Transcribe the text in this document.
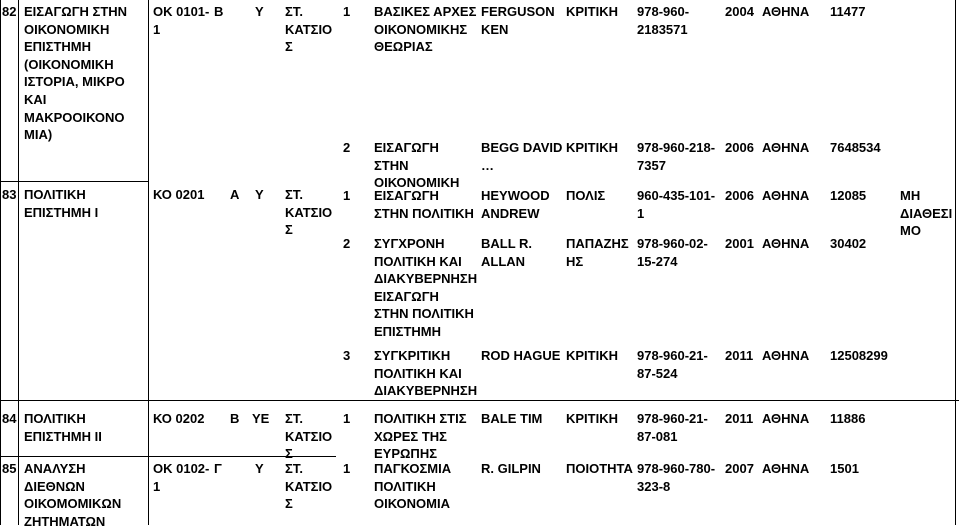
82 ΕΙΣΑΓΩΓΗ ΣΤΗΝ
ΟΙΚΟΝΟΜΙΚΗ
ΕΠΙΣΤΗΜΗ
(ΟΙΚΟΝΟΜΙΚΗ
ΙΣΤΟΡΙΑ, ΜΙΚΡΟ
ΚΑΙ
ΜΑΚΡΟΟΙΚΟΝΟ
ΜΙΑ)
ΟΚ 0101-
1
Β Υ ΣΤ.
ΚΑΤΣΙΟ
Σ
83 ΠΟΛΙΤΙΚΗ
ΕΠΙΣΤΗΜΗ Ι
ΚΟ 0201 Α Υ ΣΤ.
ΚΑΤΣΙΟ
Σ
84 ΠΟΛΙΤΙΚΗ
ΕΠΙΣΤΗΜΗ ΙΙ
ΚΟ 0202 Β ΥΕ ΣΤ.
ΚΑΤΣΙΟ
Σ
85 ΑΝΑΛΥΣΗ
ΔΙΕΘΝΩΝ
ΟΙΚΟΜΟΜΙΚΩΝ
ΖΗΤΗΜΑΤΩΝ
ΟΚ 0102-
1
Γ	Υ ΣΤ.
ΚΑΤΣΙΟ
Σ
1 ΒΑΣΙΚΕΣ ΑΡΧΕΣ
ΟΙΚΟΝΟΜΙΚΗΣ
ΘΕΩΡΙΑΣ
FERGUSON
KEN
ΚΡΙΤΙΚΗ 978-960-
2183571
2004 ΑΘΗΝΑ 11477
2 ΕΙΣΑΓΩΓΗ
ΣΤΗΝ
ΟΙΚΟΝΟΜΙΚΗ
BEGG DAVID
…
ΚΡΙΤΙΚΗ 978-960-218-
7357
2006 ΑΘΗΝΑ 7648534
1 ΕΙΣΑΓΩΓΗ
ΣΤΗΝ ΠΟΛΙΤΙΚΗ
HEYWOOD
ANDREW
ΠΟΛΙΣ 960-435-101-
1
2006 ΑΘΗΝΑ 12085	ΜΗ
ΔΙΑΘΕΣΙ
ΜΟ
2 ΣΥΓΧΡΟΝΗ
ΠΟΛΙΤΙΚΗ ΚΑΙ
ΔΙΑΚΥΒΕΡΝΗΣΗ
ΕΙΣΑΓΩΓΗ
ΣΤΗΝ ΠΟΛΙΤΙΚΗ
ΕΠΙΣΤΗΜΗ
BALL R.
ALLAN
ΠΑΠΑΖΗΣ
ΗΣ
978-960-02-
15-274
2001 ΑΘΗΝΑ 30402
3 ΣΥΓΚΡΙΤΙΚΗ
ΠΟΛΙΤΙΚΗ ΚΑΙ
ΔΙΑΚΥΒΕΡΝΗΣΗ
ROD HAGUE ΚΡΙΤΙΚΗ 978-960-21-
87-524
2011 ΑΘΗΝΑ 12508299
1 ΠΟΛΙΤΙΚΗ ΣΤΙΣ
ΧΩΡΕΣ ΤΗΣ
ΕΥΡΩΠΗΣ
BALE TIM ΚΡΙΤΙΚΗ 978-960-21-
87-081
2011 ΑΘΗΝΑ 11886
1 ΠΑΓΚΟΣΜΙΑ
ΠΟΛΙΤΙΚΗ
ΟΙΚΟΝΟΜΙΑ
R. GILPIN ΠΟΙΟΤΗΤΑ 978-960-780-
323-8
2007 ΑΘΗΝΑ 1501
